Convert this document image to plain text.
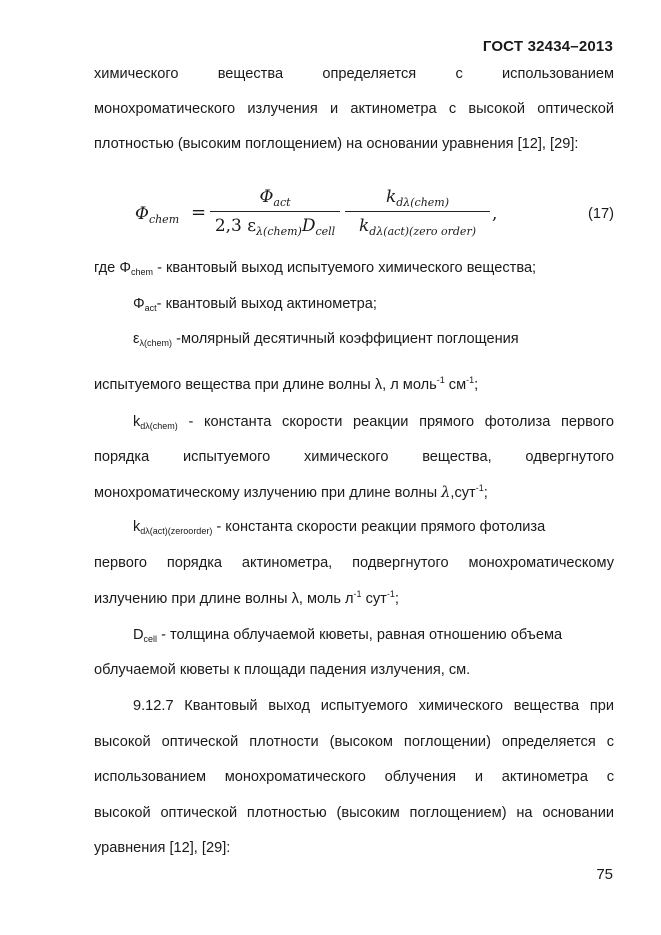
ГОСТ 32434–2013
химического	вещества	определяется	с	использованием
монохроматического излучения и актинометра с высокой оптической
плотностью (высоким поглощением) на основании уравнения [12], [29]:
$\Phi_{chem}$ =
$\Phi_{act}$
2,3 $\varepsilon_{\lambda(chem)}D_{cell}$
$k_{d\lambda(chem)}$
$k_{d\lambda(act)(zero order)}$
,	(17)
где $\Phi_{chem}$ - квантовый выход испытуемого химического вещества;
$\Phi_{act}-$ квантовый выход актинометра;
$\varepsilon_{\lambda(chem)}$ -молярный десятичный коэффициент поглощения
испытуемого вещества при длине волны λ, л моль$^{-1}$ $см^{-1}$;
$k_{d\lambda(chem)}$ - константа скорости реакции прямого фотолиза первого
порядка испытуемого химического вещества, одвергнутого
монохроматическому излучению при длине волны λ,сут$^{-1}$;
$k_{d\lambda(act)(zeroorder)}$ - константа скорости реакции прямого фотолиза
первого порядка актинометра, подвергнутого монохроматическому
излучению при длине волны λ, моль $л^{-1}$ сут$^{-1}$;
$D_{cell}$ - толщина облучаемой кюветы, равная отношению объема
облучаемой кюветы к площади падения излучения, см.
9.12.7 Квантовый выход испытуемого химического вещества при
высокой оптической плотности (высоком поглощении) определяется с
использованием монохроматического облучения и актинометра с
высокой оптической плотностью (высоким поглощением) на основании
уравнения [12], [29]:
75
